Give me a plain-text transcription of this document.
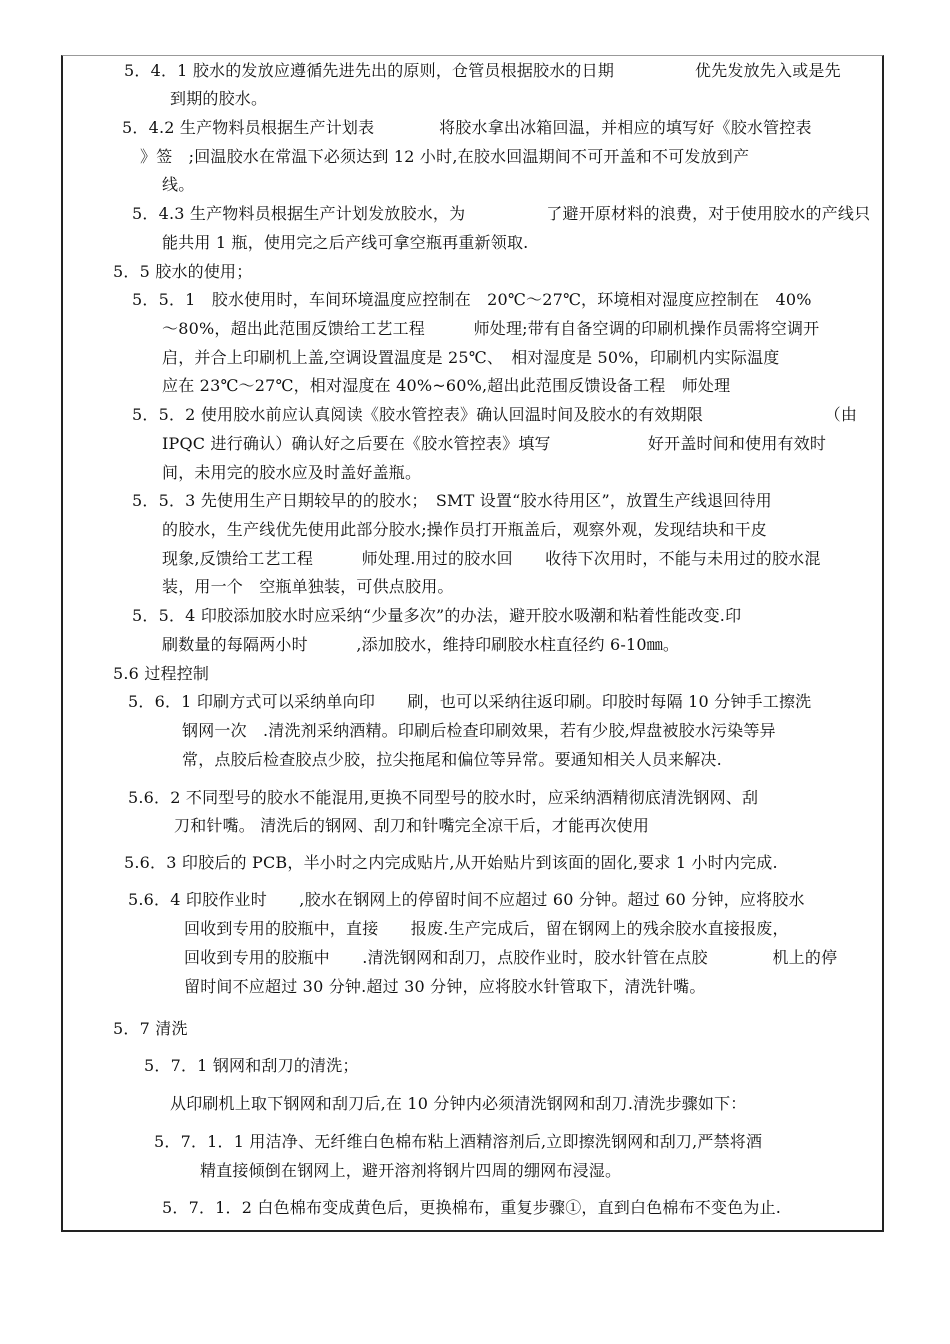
5．4．1 胶水的发放应遵循先进先出的原则，仓管员根据胶水的日期　　　　　优先发放先入或是先
到期的胶水。
5．4.2 生产物料员根据生产计划表　　　　将胶水拿出冰箱回温，并相应的填写好《胶水管控表
》签　;回温胶水在常温下必须达到 12 小时,在胶水回温期间不可开盖和不可发放到产
线。
5．4.3 生产物料员根据生产计划发放胶水，为　　　　　了避开原材料的浪费，对于使用胶水的产线只
能共用 1 瓶，使用完之后产线可拿空瓶再重新领取.
5．5 胶水的使用；
5．5．1　胶水使用时，车间环境温度应控制在　20℃～27℃，环境相对湿度应控制在　40%
～80%，超出此范围反馈给工艺工程　　　师处理;带有自备空调的印刷机操作员需将空调开
启，并合上印刷机上盖,空调设置温度是 25℃、　相对湿度是 50%，印刷机内实际温度
应在 23℃～27℃，相对湿度在 40%~60%,超出此范围反馈设备工程　师处理
5．5．2 使用胶水前应认真阅读《胶水管控表》确认回温时间及胶水的有效期限　　　　　　　　（由
IPQC 进行确认）确认好之后要在《胶水管控表》填写　　　　　　好开盖时间和使用有效时
间，未用完的胶水应及时盖好盖瓶。
5．5．3 先使用生产日期较早的的胶水；　SMT 设置“胶水待用区”，放置生产线退回待用
的胶水，生产线优先使用此部分胶水;操作员打开瓶盖后，观察外观，发现结块和干皮
现象,反馈给工艺工程　　　师处理.用过的胶水回　　收待下次用时，不能与未用过的胶水混
装，用一个　空瓶单独装，可供点胶用。
5．5．4 印胶添加胶水时应采纳“少量多次”的办法，避开胶水吸潮和粘着性能改变.印
刷数量的每隔两小时　　　,添加胶水，维持印刷胶水柱直径约 6-10㎜。
5.6 过程控制
5．6．1 印刷方式可以采纳单向印　　刷，也可以采纳往返印刷。印胶时每隔 10 分钟手工擦洗
钢网一次　.清洗剂采纳酒精。印刷后检查印刷效果，若有少胶,焊盘被胶水污染等异
常，点胶后检查胶点少胶，拉尖拖尾和偏位等异常。要通知相关人员来解决.
5.6．2 不同型号的胶水不能混用,更换不同型号的胶水时，应采纳酒精彻底清洗钢网、刮
刀和针嘴。 清洗后的钢网、刮刀和针嘴完全凉干后，才能再次使用
5.6．3 印胶后的 PCB，半小时之内完成贴片,从开始贴片到该面的固化,要求 1 小时内完成.
5.6．4 印胶作业时　　,胶水在钢网上的停留时间不应超过 60 分钟。超过 60 分钟，应将胶水
回收到专用的胶瓶中，直接　　报废.生产完成后，留在钢网上的残余胶水直接报废，
回收到专用的胶瓶中　　.清洗钢网和刮刀，点胶作业时，胶水针管在点胶　　　　机上的停
留时间不应超过 30 分钟.超过 30 分钟，应将胶水针管取下，清洗针嘴。
5．7 清洗
5．7．1 钢网和刮刀的清洗；
从印刷机上取下钢网和刮刀后,在 10 分钟内必须清洗钢网和刮刀.清洗步骤如下：
5．7．1．1 用洁净、无纤维白色棉布粘上酒精溶剂后,立即擦洗钢网和刮刀,严禁将酒
精直接倾倒在钢网上，避开溶剂将钢片四周的绷网布浸湿。
5．7．1．2 白色棉布变成黄色后，更换棉布，重复步骤①，直到白色棉布不变色为止.
